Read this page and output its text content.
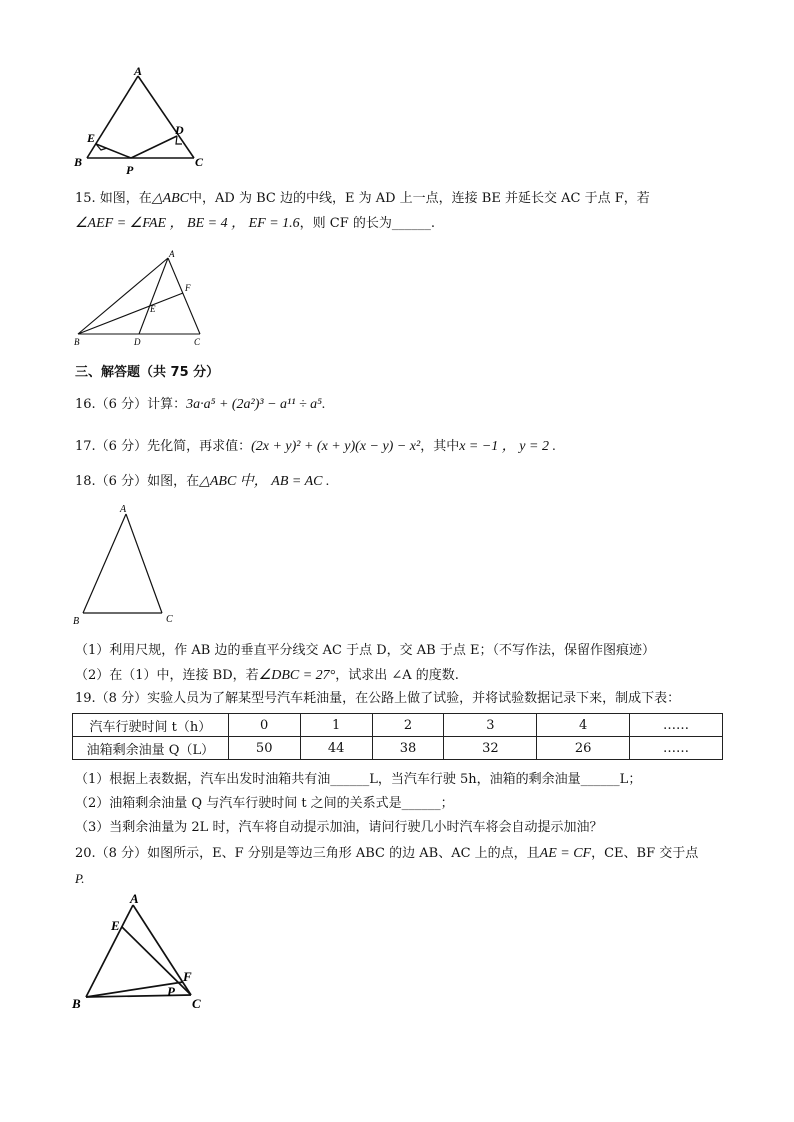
A
E
D
B
P
C
15. 如图，在△ABC中，AD 为 BC 边的中线，E 为 AD 上一点，连接 BE 并延长交 AC 于点 F，若
∠AEF = ∠FAE ， BE = 4 ， EF = 1.6，则 CF 的长为______.
A
F
E
B	D	C
三、解答题（共 75 分）
16.（6 分）计算：3a·a⁵ + (2a²)³ − a¹¹ ÷ a⁵.
17.（6 分）先化简，再求值：(2x + y)² + (x + y)(x − y) − x²，其中x = −1 ， y = 2 .
18.（6 分）如图，在△ABC 中， AB = AC .
A
B	C
（1）利用尺规，作 AB 边的垂直平分线交 AC 于点 D，交 AB 于点 E；（不写作法，保留作图痕迹）
（2）在（1）中，连接 BD，若∠DBC = 27°，试求出 ∠A 的度数.
19.（8 分）实验人员为了解某型号汽车耗油量，在公路上做了试验，并将试验数据记录下来，制成下表：
汽车行驶时间 t（h）	0	1	2	3	4	……
油箱剩余油量 Q（L）	50	44	38	32	26	……
（1）根据上表数据，汽车出发时油箱共有油______L，当汽车行驶 5h，油箱的剩余油量______L；
（2）油箱剩余油量 Q 与汽车行驶时间 t 之间的关系式是______；
（3）当剩余油量为 2L 时，汽车将自动提示加油，请问行驶几小时汽车将会自动提示加油？
20.（8 分）如图所示，E、F 分别是等边三角形 ABC 的边 AB、AC 上的点，且AE = CF，CE、BF 交于点
P.
A
E
F
P
B	C
